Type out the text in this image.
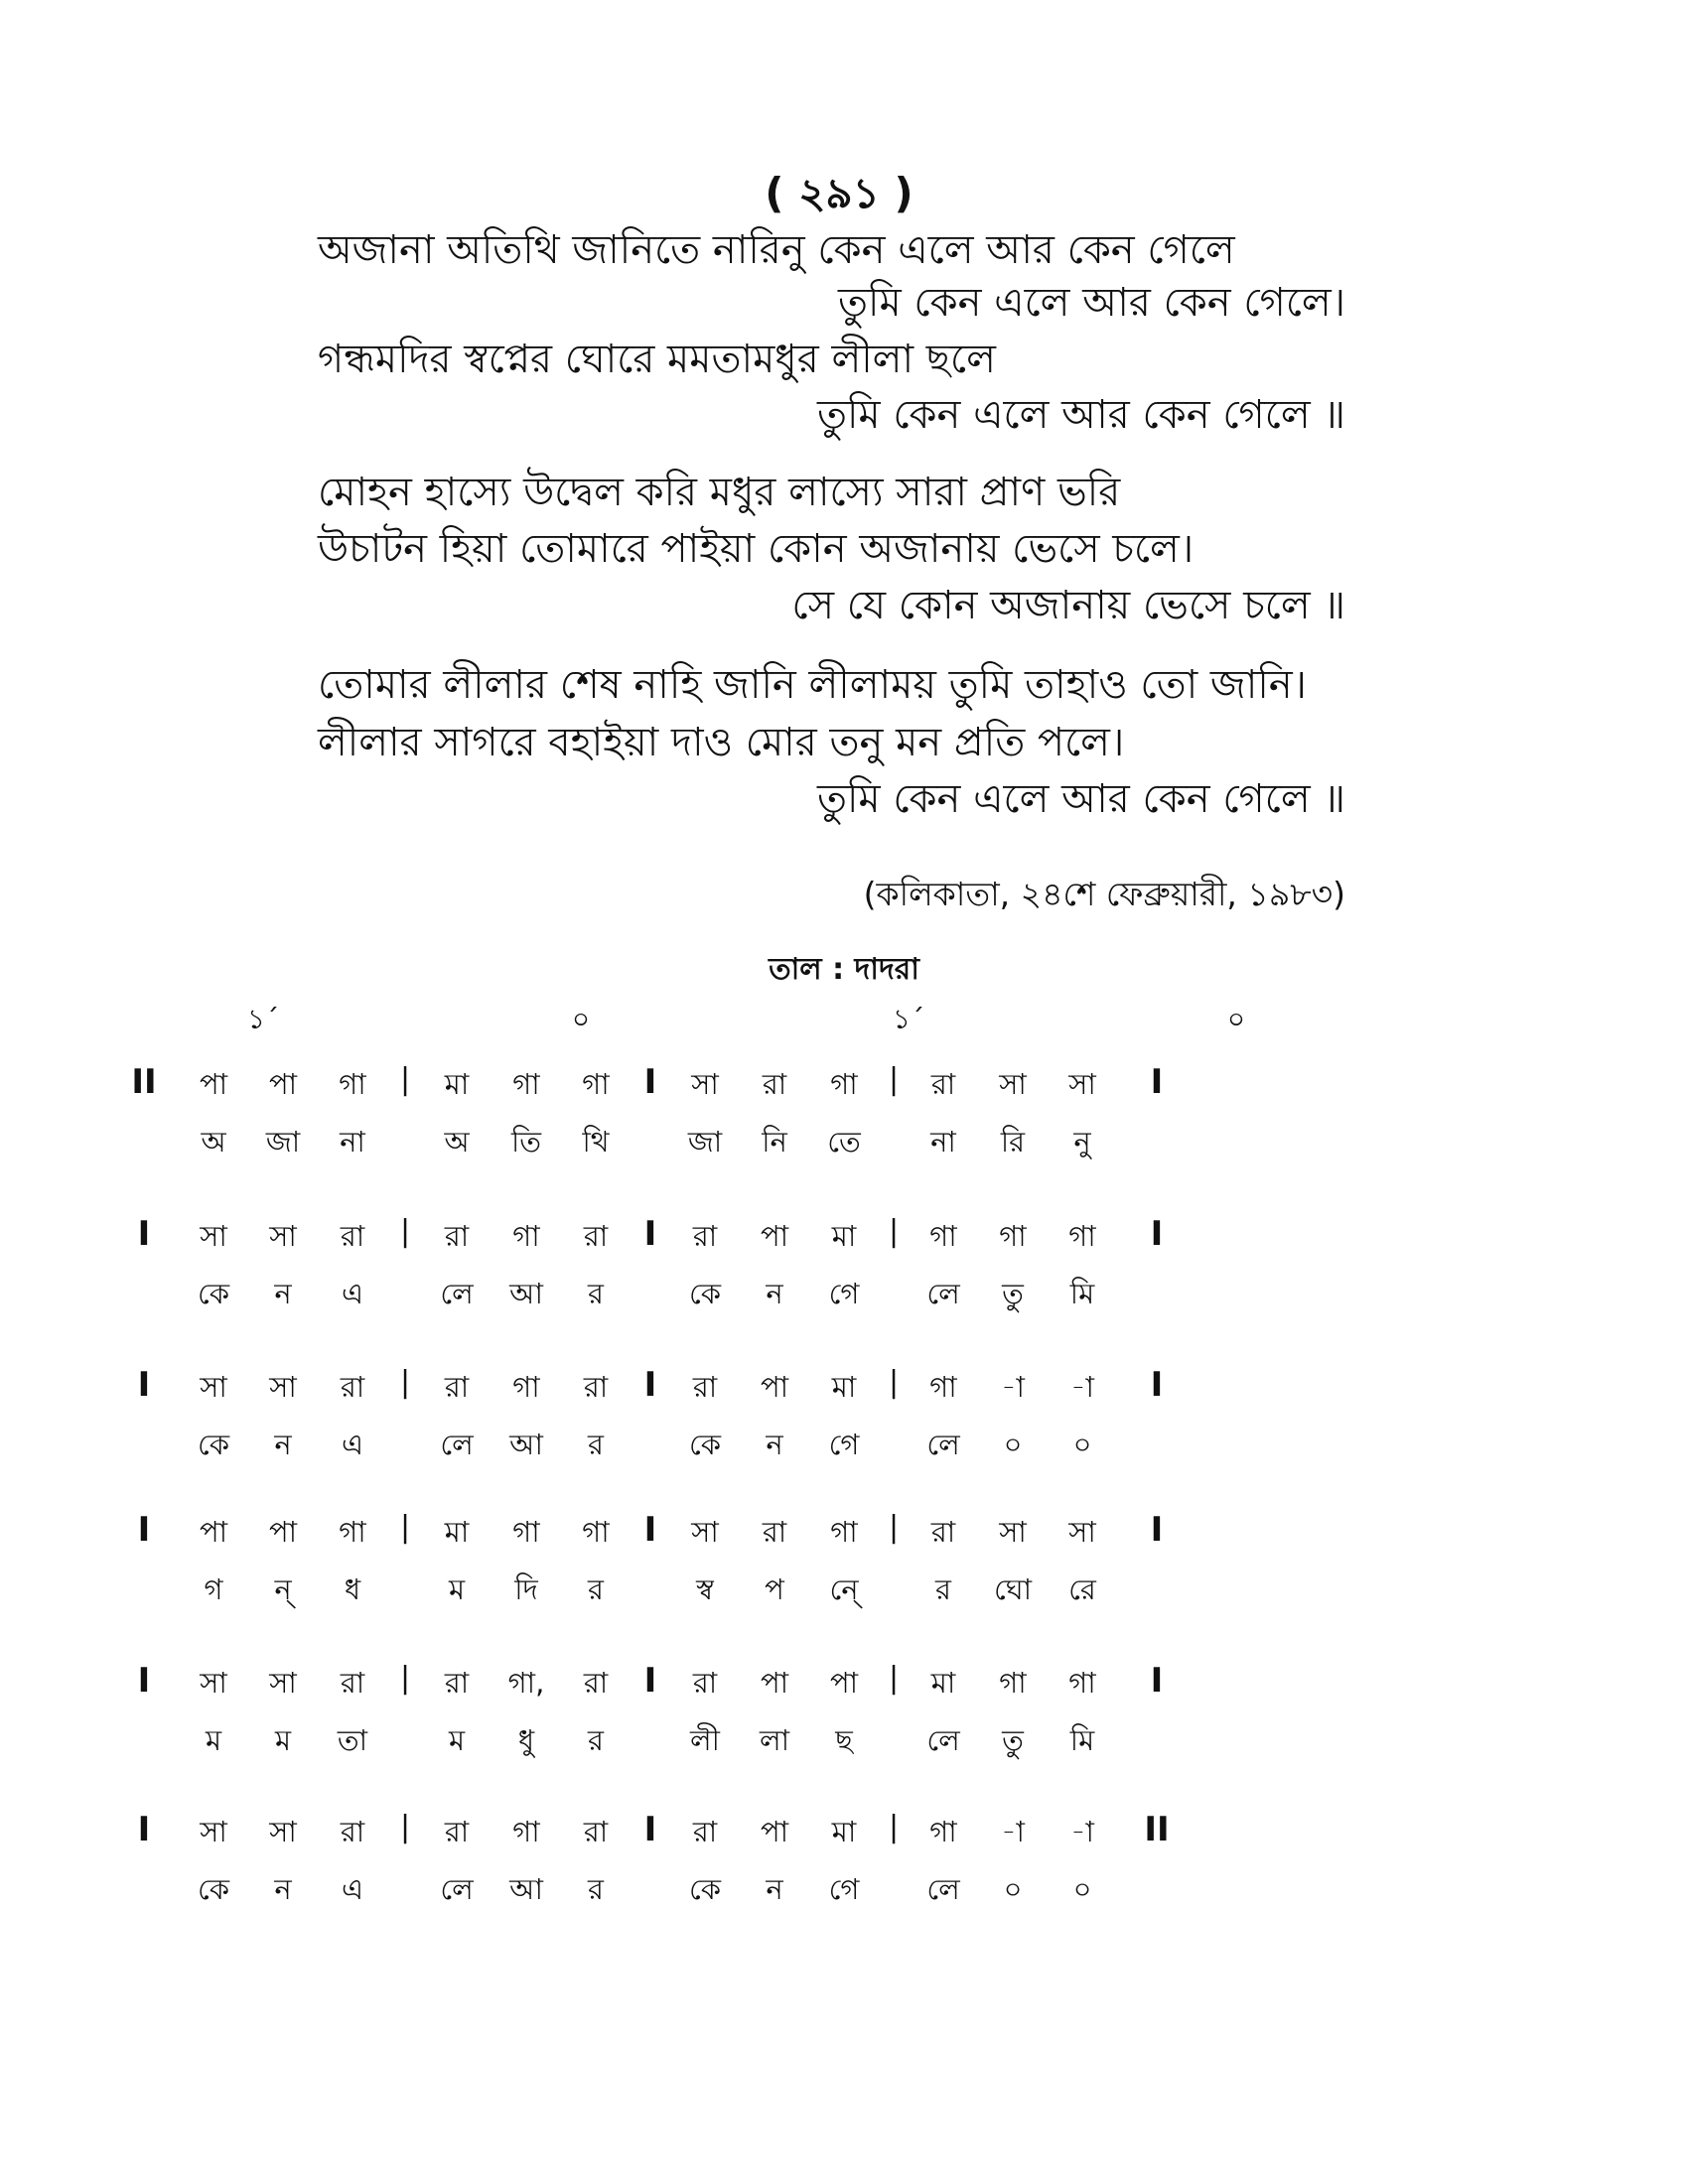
( ২৯১ )
অজানা অতিথি জানিতে নারিনু কেন এলে আর কেন গেলে
তুমি কেন এলে আর কেন গেলে।
গন্ধমদির স্বপ্নের ঘোরে মমতামধুর লীলা ছলে
তুমি কেন এলে আর কেন গেলে ॥
মোহন হাস্যে উদ্বেল করি মধুর লাস্যে সারা প্রাণ ভরি
উচাটন হিয়া তোমারে পাইয়া কোন অজানায় ভেসে চলে।
সে যে কোন অজানায় ভেসে চলে ॥
তোমার লীলার শেষ নাহি জানি লীলাময় তুমি তাহাও তো জানি।
লীলার সাগরে বহাইয়া দাও মোর তনু মন প্রতি পলে।
তুমি কেন এলে আর কেন গেলে ॥
(কলিকাতা, ২৪শে ফেব্রুয়ারী, ১৯৮৩)
তাল : দাদরা
১´	০	১´	০
II	I
|	I	|
পা	পা	গা	মা	গা	গা	সা	রা	গা	রা	সা	সা
অ	জা	না	অ	তি	থি	জা	নি	তে	না	রি	নু
I	I
|	I	|
সা	সা	রা	রা	গা	রা	রা	পা	মা	গা	গা	গা
কে	ন	এ	লে	আ	র	কে	ন	গে	লে	তু	মি
I	I
|	I	|
সা	সা	রা	রা	গা	রা	রা	পা	মা	গা	-া	-া
কে	ন	এ	লে	আ	র	কে	ন	গে	লে	০	০
I	I
|	I	|
পা	পা	গা	মা	গা	গা	সা	রা	গা	রা	সা	সা
গ	ন্	ধ	ম	দি	র	স্ব	প	নে্	র	ঘো	রে
I	I
|	I	|
সা	সা	রা	রা	গা,	রা	রা	পা	পা	মা	গা	গা
ম	ম	তা	ম	ধু	র	লী	লা	ছ	লে	তু	মি
I	II
|	I	|
সা	সা	রা	রা	গা	রা	রা	পা	মা	গা	-া	-া
কে	ন	এ	লে	আ	র	কে	ন	গে	লে	০	০
